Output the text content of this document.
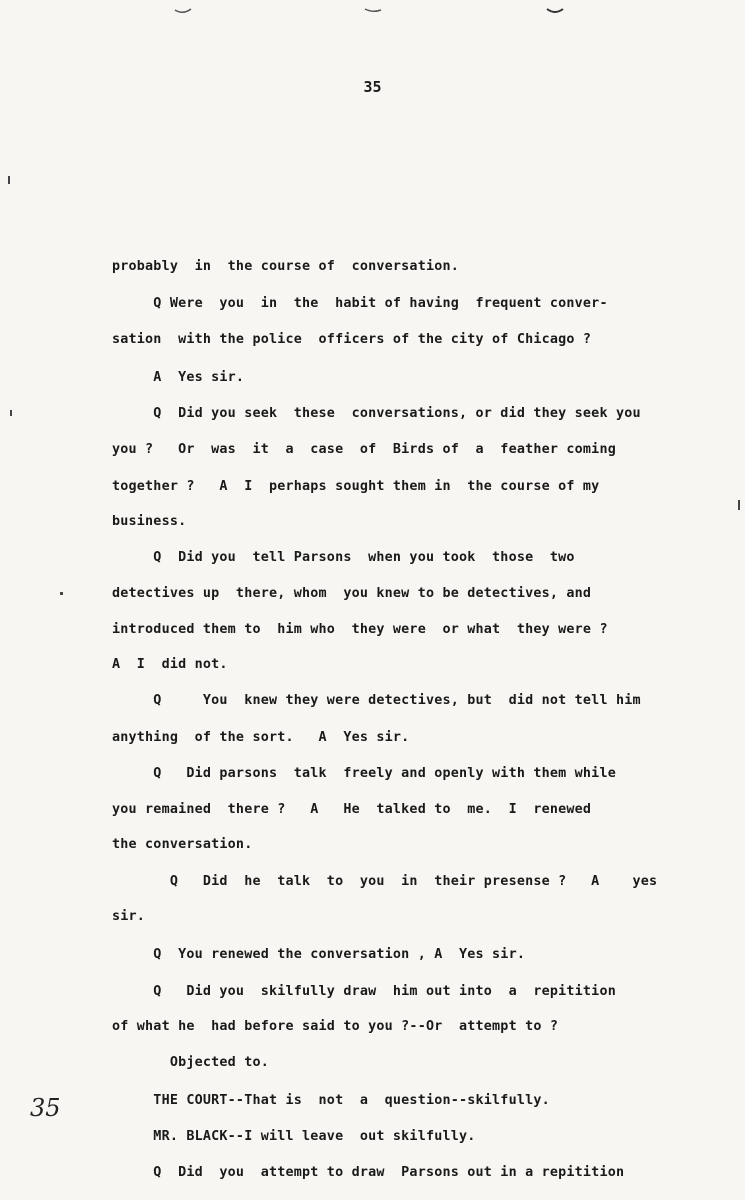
35
probably  in  the course of  conversation.
Q Were  you  in  the  habit of having  frequent conver-
sation  with the police  officers of the city of Chicago ?
A  Yes sir.
Q  Did you seek  these  conversations, or did they seek you
you ?   Or  was  it  a  case  of  Birds of  a  feather coming
together ?   A  I  perhaps sought them in  the course of my
business.
Q  Did you  tell Parsons  when you took  those  two
detectives up  there, whom  you knew to be detectives, and
introduced them to  him who  they were  or what  they were ?
A  I  did not.
Q     You  knew they were detectives, but  did not tell him
anything  of the sort.   A  Yes sir.
Q   Did parsons  talk  freely and openly with them while
you remained  there ?   A   He  talked to  me.  I  renewed
the conversation.
Q   Did  he  talk  to  you  in  their presense ?   A    yes
sir.
Q  You renewed the conversation , A  Yes sir.
Q   Did you  skilfully draw  him out into  a  repitition
of what he  had before said to you ?--Or  attempt to ?
Objected to.
THE COURT--That is  not  a  question--skilfully.
MR. BLACK--I will leave  out skilfully.
Q  Did  you  attempt to draw  Parsons out in a repitition
35
